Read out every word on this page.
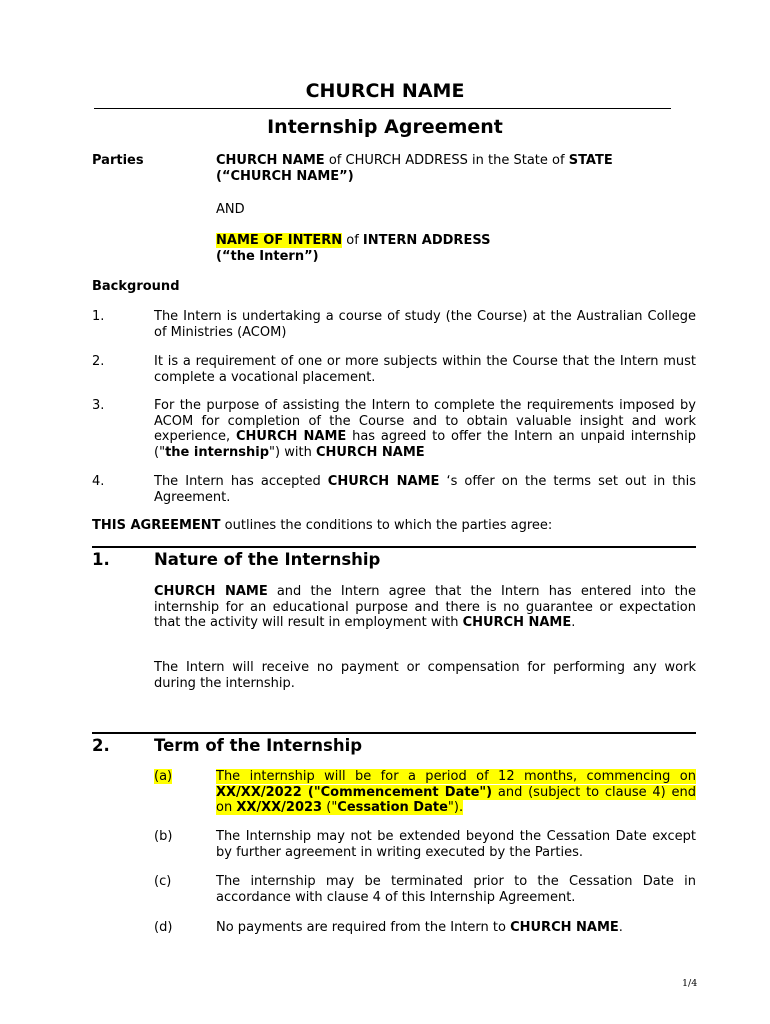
CHURCH NAME
Internship Agreement
Parties	CHURCH NAME of CHURCH ADDRESS in the State of STATE
(“CHURCH NAME”)
AND
NAME OF INTERN of INTERN ADDRESS
(“the Intern”)
Background
1.	The Intern is undertaking a course of study (the Course) at the Australian College of Ministries (ACOM)
2.	It is a requirement of one or more subjects within the Course that the Intern must complete a vocational placement.
3.	For the purpose of assisting the Intern to complete the requirements imposed by ACOM for completion of the Course and to obtain valuable insight and work experience, CHURCH NAME has agreed to offer the Intern an unpaid internship ("the internship") with CHURCH NAME
4.	The Intern has accepted CHURCH NAME ‘s offer on the terms set out in this Agreement.
THIS AGREEMENT outlines the conditions to which the parties agree:
1.	Nature of the Internship
CHURCH NAME and the Intern agree that the Intern has entered into the internship for an educational purpose and there is no guarantee or expectation that the activity will result in employment with CHURCH NAME.
The Intern will receive no payment or compensation for performing any work during the internship.
2.	Term of the Internship
(a)	The internship will be for a period of 12 months, commencing on XX/XX/2022 ("Commencement Date") and (subject to clause 4) end on XX/XX/2023 ("Cessation Date").
(b)	The Internship may not be extended beyond the Cessation Date except by further agreement in writing executed by the Parties.
(c)	The internship may be terminated prior to the Cessation Date in accordance with clause 4 of this Internship Agreement.
(d)	No payments are required from the Intern to CHURCH NAME.
1/4
